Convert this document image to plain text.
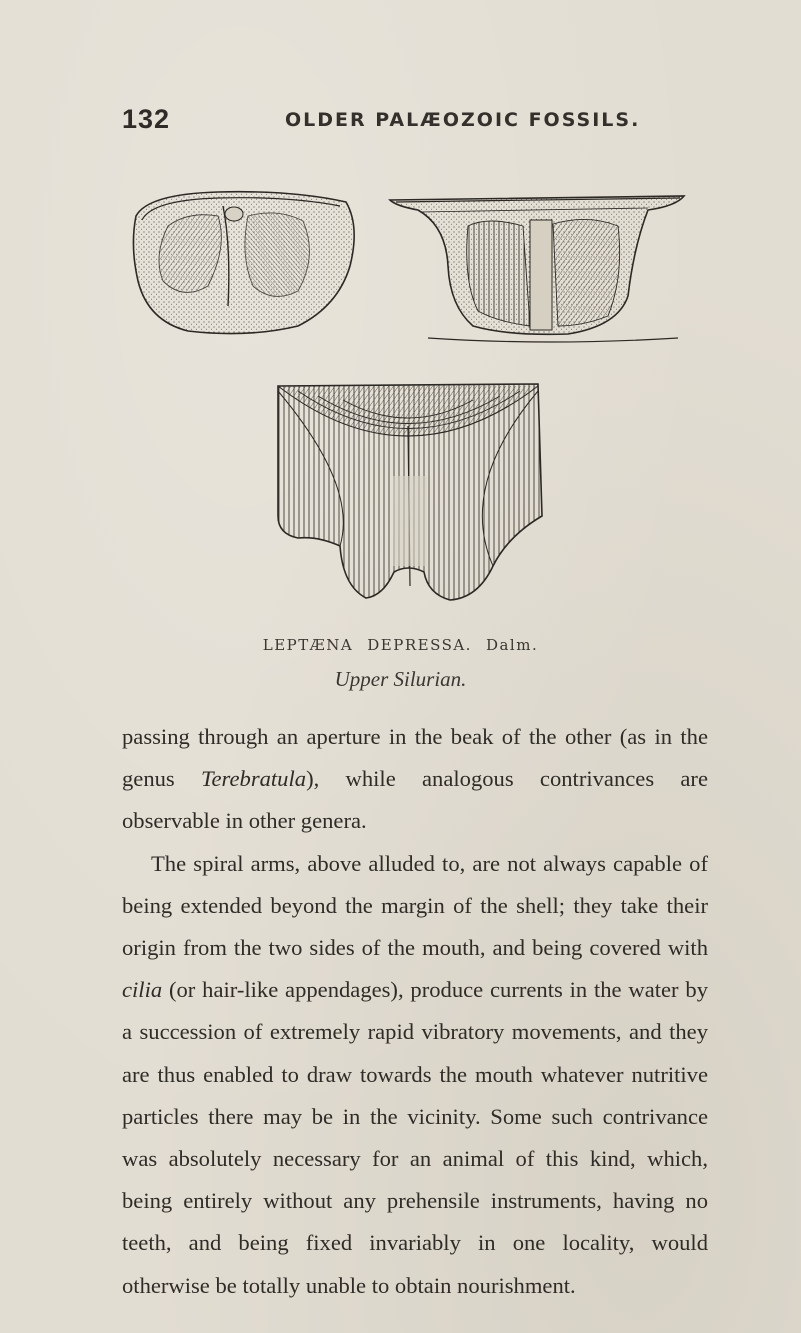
132	OLDER PALÆOZOIC FOSSILS.
LEPTÆNA DEPRESSA. Dalm.
Upper Silurian.

passing through an aperture in the beak of the other (as in the genus Terebratula), while analogous contrivances are observable in other genera.

The spiral arms, above alluded to, are not always capable of being extended beyond the margin of the shell; they take their origin from the two sides of the mouth, and being covered with cilia (or hair-like appendages), produce currents in the water by a succession of extremely rapid vibratory movements, and they are thus enabled to draw towards the mouth whatever nutritive particles there may be in the vicinity. Some such contrivance was absolutely necessary for an animal of this kind, which, being entirely without any prehensile instruments, having no teeth, and being fixed invariably in one locality, would otherwise be totally unable to obtain nourishment.
